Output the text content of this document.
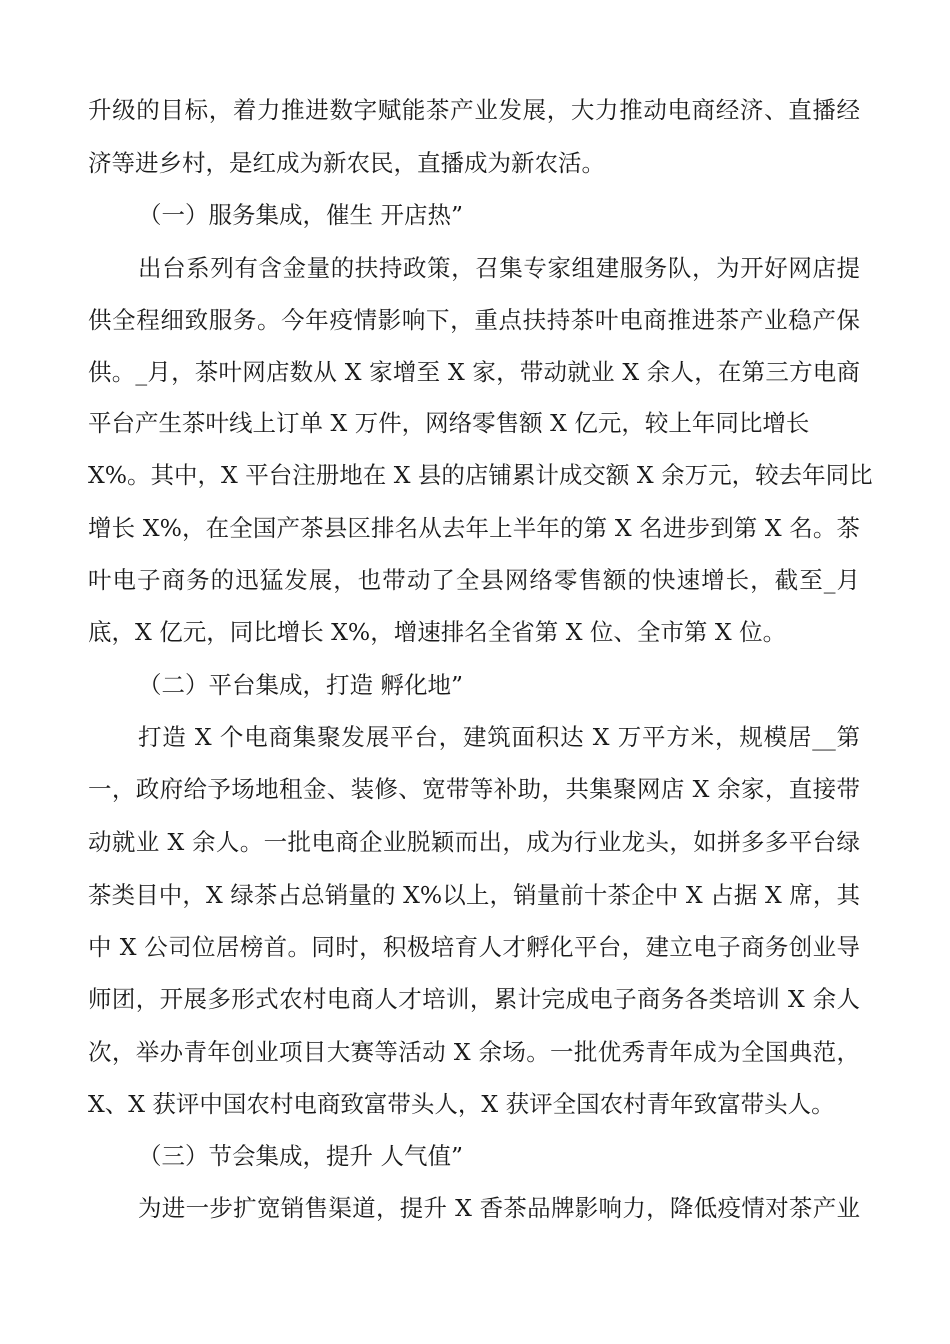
升级的目标，着力推进数字赋能茶产业发展，大力推动电商经济、直播经
济等进乡村，是红成为新农民，直播成为新农活。
（一）服务集成，催生 开店热”
出台系列有含金量的扶持政策，召集专家组建服务队，为开好网店提
供全程细致服务。今年疫情影响下，重点扶持茶叶电商推进茶产业稳产保
供。_月，茶叶网店数从 X 家增至 X 家，带动就业 X 余人，在第三方电商
平台产生茶叶线上订单 X 万件，网络零售额 X 亿元，较上年同比增长
X%。其中，X 平台注册地在 X 县的店铺累计成交额 X 余万元，较去年同比
增长 X%，在全国产茶县区排名从去年上半年的第 X 名进步到第 X 名。茶
叶电子商务的迅猛发展，也带动了全县网络零售额的快速增长，截至_月
底，X 亿元，同比增长 X%，增速排名全省第 X 位、全市第 X 位。
（二）平台集成，打造 孵化地”
打造 X 个电商集聚发展平台，建筑面积达 X 万平方米，规模居__第
一，政府给予场地租金、装修、宽带等补助，共集聚网店 X 余家，直接带
动就业 X 余人。一批电商企业脱颖而出，成为行业龙头，如拼多多平台绿
茶类目中，X 绿茶占总销量的 X%以上，销量前十茶企中 X 占据 X 席，其
中 X 公司位居榜首。同时，积极培育人才孵化平台，建立电子商务创业导
师团，开展多形式农村电商人才培训，累计完成电子商务各类培训 X 余人
次，举办青年创业项目大赛等活动 X 余场。一批优秀青年成为全国典范，
X、X 获评中国农村电商致富带头人，X 获评全国农村青年致富带头人。
（三）节会集成，提升 人气值”
为进一步扩宽销售渠道，提升 X 香茶品牌影响力，降低疫情对茶产业
